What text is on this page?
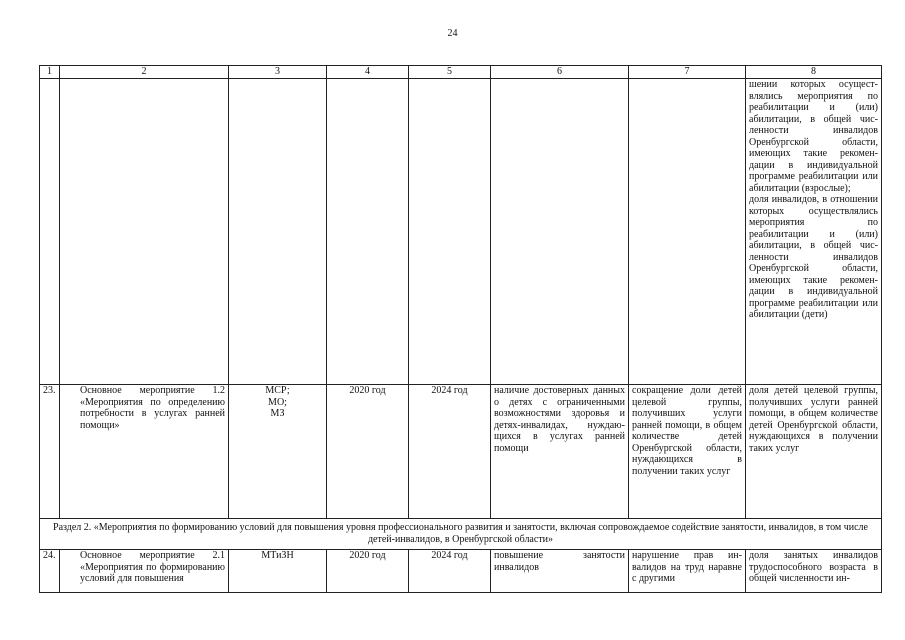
24
1	2	3	4	5	6	7	8
							шении которых осуществлялись мероприятия по реабилитации и (или) абилитации, в общей численности инвалидов Оренбургской области, имеющих такие рекомендации в индивидуальной программе реабилитации или абилитации (взрослые);
доля инвалидов, в отношении которых осуществлялись мероприятия по реабилитации и (или) абилитации, в общей численности инвалидов Оренбургской области, имеющих такие рекомендации в индивидуальной программе реабилитации или абилитации (дети)
23.	Основное мероприятие 1.2 «Мероприятия по определению потребности в услугах ранней помощи»	МСР;
МО;
МЗ	2020 год	2024 год	наличие достоверных данных о детях с ограниченными возможностями здоровья и детях-инвалидах, нуждающихся в услугах ранней помощи	сокращение доли детей целевой группы, получивших услуги ранней помощи, в общем количестве детей Оренбургской области, нуждающихся в получении таких услуг	доля детей целевой группы, получивших услуги ранней помощи, в общем количестве детей Оренбургской области, нуждающихся в получении таких услуг
Раздел 2. «Мероприятия по формированию условий для повышения уровня профессионального развития и занятости, включая сопровождаемое содействие занятости, инвалидов, в том числе детей-инвалидов, в Оренбургской области»							
24.	Основное мероприятие 2.1 «Мероприятия по формированию условий для повышения	МТиЗН	2020 год	2024 год	повышение занятости инвалидов	нарушение прав инвалидов на труд наравне с другими	доля занятых инвалидов трудоспособного возраста в общей численности ин-
